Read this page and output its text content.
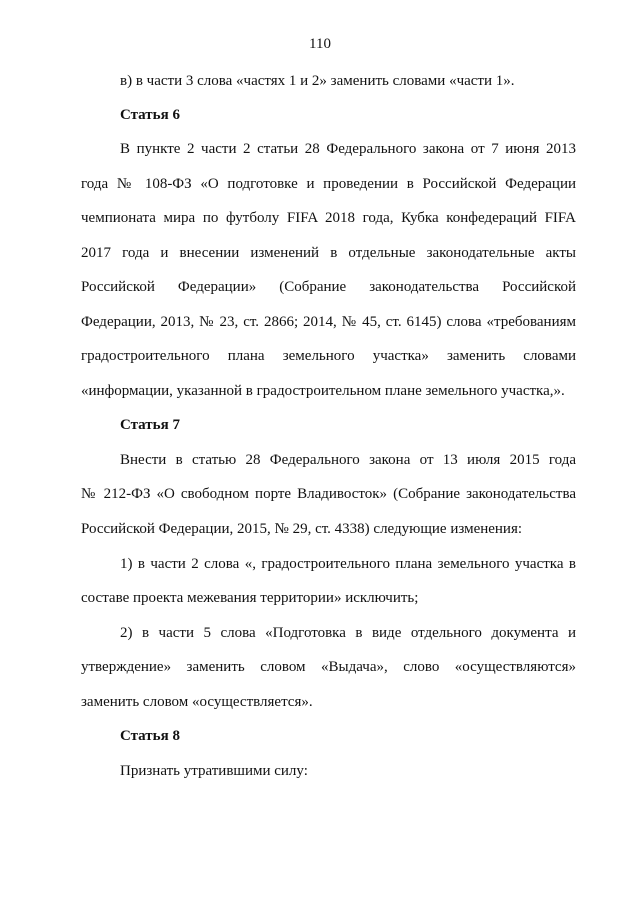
110
в) в части 3 слова «частях 1 и 2» заменить словами «части 1».
Статья 6
В пункте 2 части 2 статьи 28 Федерального закона от 7 июня 2013
года № 108-ФЗ «О подготовке и проведении в Российской Федерации
чемпионата мира по футболу FIFA 2018 года, Кубка конфедераций FIFA
2017 года и внесении изменений в отдельные законодательные акты
Российской Федерации» (Собрание законодательства Российской
Федерации, 2013, № 23, ст. 2866; 2014, № 45, ст. 6145) слова «требованиям
градостроительного плана земельного участка» заменить словами
«информации, указанной в градостроительном плане земельного участка,».
Статья 7
Внести в статью 28 Федерального закона от 13 июля 2015 года
№ 212-ФЗ «О свободном порте Владивосток» (Собрание законодательства
Российской Федерации, 2015, № 29, ст. 4338) следующие изменения:
1) в части 2 слова «, градостроительного плана земельного участка в
составе проекта межевания территории» исключить;
2) в части 5 слова «Подготовка в виде отдельного документа и
утверждение» заменить словом «Выдача», слово «осуществляются»
заменить словом «осуществляется».
Статья 8
Признать утратившими силу:
